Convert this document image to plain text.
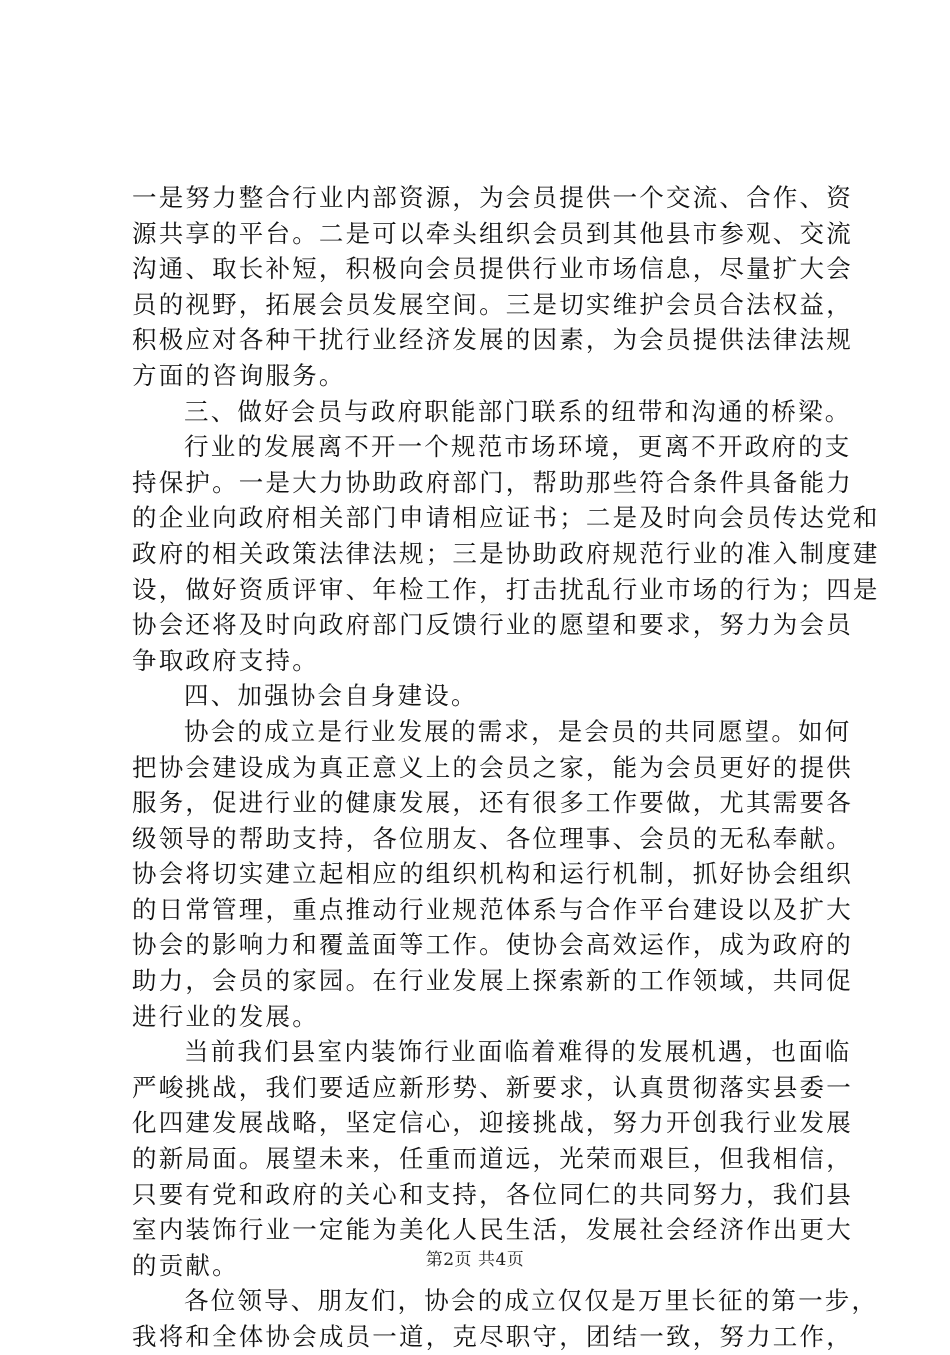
一是努力整合行业内部资源，为会员提供一个交流、合作、资
源共享的平台。二是可以牵头组织会员到其他县市参观、交流
沟通、取长补短，积极向会员提供行业市场信息，尽量扩大会
员的视野，拓展会员发展空间。三是切实维护会员合法权益，
积极应对各种干扰行业经济发展的因素，为会员提供法律法规
方面的咨询服务。
三、做好会员与政府职能部门联系的纽带和沟通的桥梁。
行业的发展离不开一个规范市场环境，更离不开政府的支
持保护。一是大力协助政府部门，帮助那些符合条件具备能力
的企业向政府相关部门申请相应证书；二是及时向会员传达党和
政府的相关政策法律法规；三是协助政府规范行业的准入制度建
设，做好资质评审、年检工作，打击扰乱行业市场的行为；四是
协会还将及时向政府部门反馈行业的愿望和要求，努力为会员
争取政府支持。
四、加强协会自身建设。
协会的成立是行业发展的需求，是会员的共同愿望。如何
把协会建设成为真正意义上的会员之家，能为会员更好的提供
服务，促进行业的健康发展，还有很多工作要做，尤其需要各
级领导的帮助支持，各位朋友、各位理事、会员的无私奉献。
协会将切实建立起相应的组织机构和运行机制，抓好协会组织
的日常管理，重点推动行业规范体系与合作平台建设以及扩大
协会的影响力和覆盖面等工作。使协会高效运作，成为政府的
助力，会员的家园。在行业发展上探索新的工作领域，共同促
进行业的发展。
当前我们县室内装饰行业面临着难得的发展机遇，也面临
严峻挑战，我们要适应新形势、新要求，认真贯彻落实县委一
化四建发展战略，坚定信心，迎接挑战，努力开创我行业发展
的新局面。展望未来，任重而道远，光荣而艰巨，但我相信，
只要有党和政府的关心和支持，各位同仁的共同努力，我们县
室内装饰行业一定能为美化人民生活，发展社会经济作出更大
的贡献。
各位领导、朋友们，协会的成立仅仅是万里长征的第一步，
我将和全体协会成员一道，克尽职守，团结一致，努力工作，
第2页 共4页
